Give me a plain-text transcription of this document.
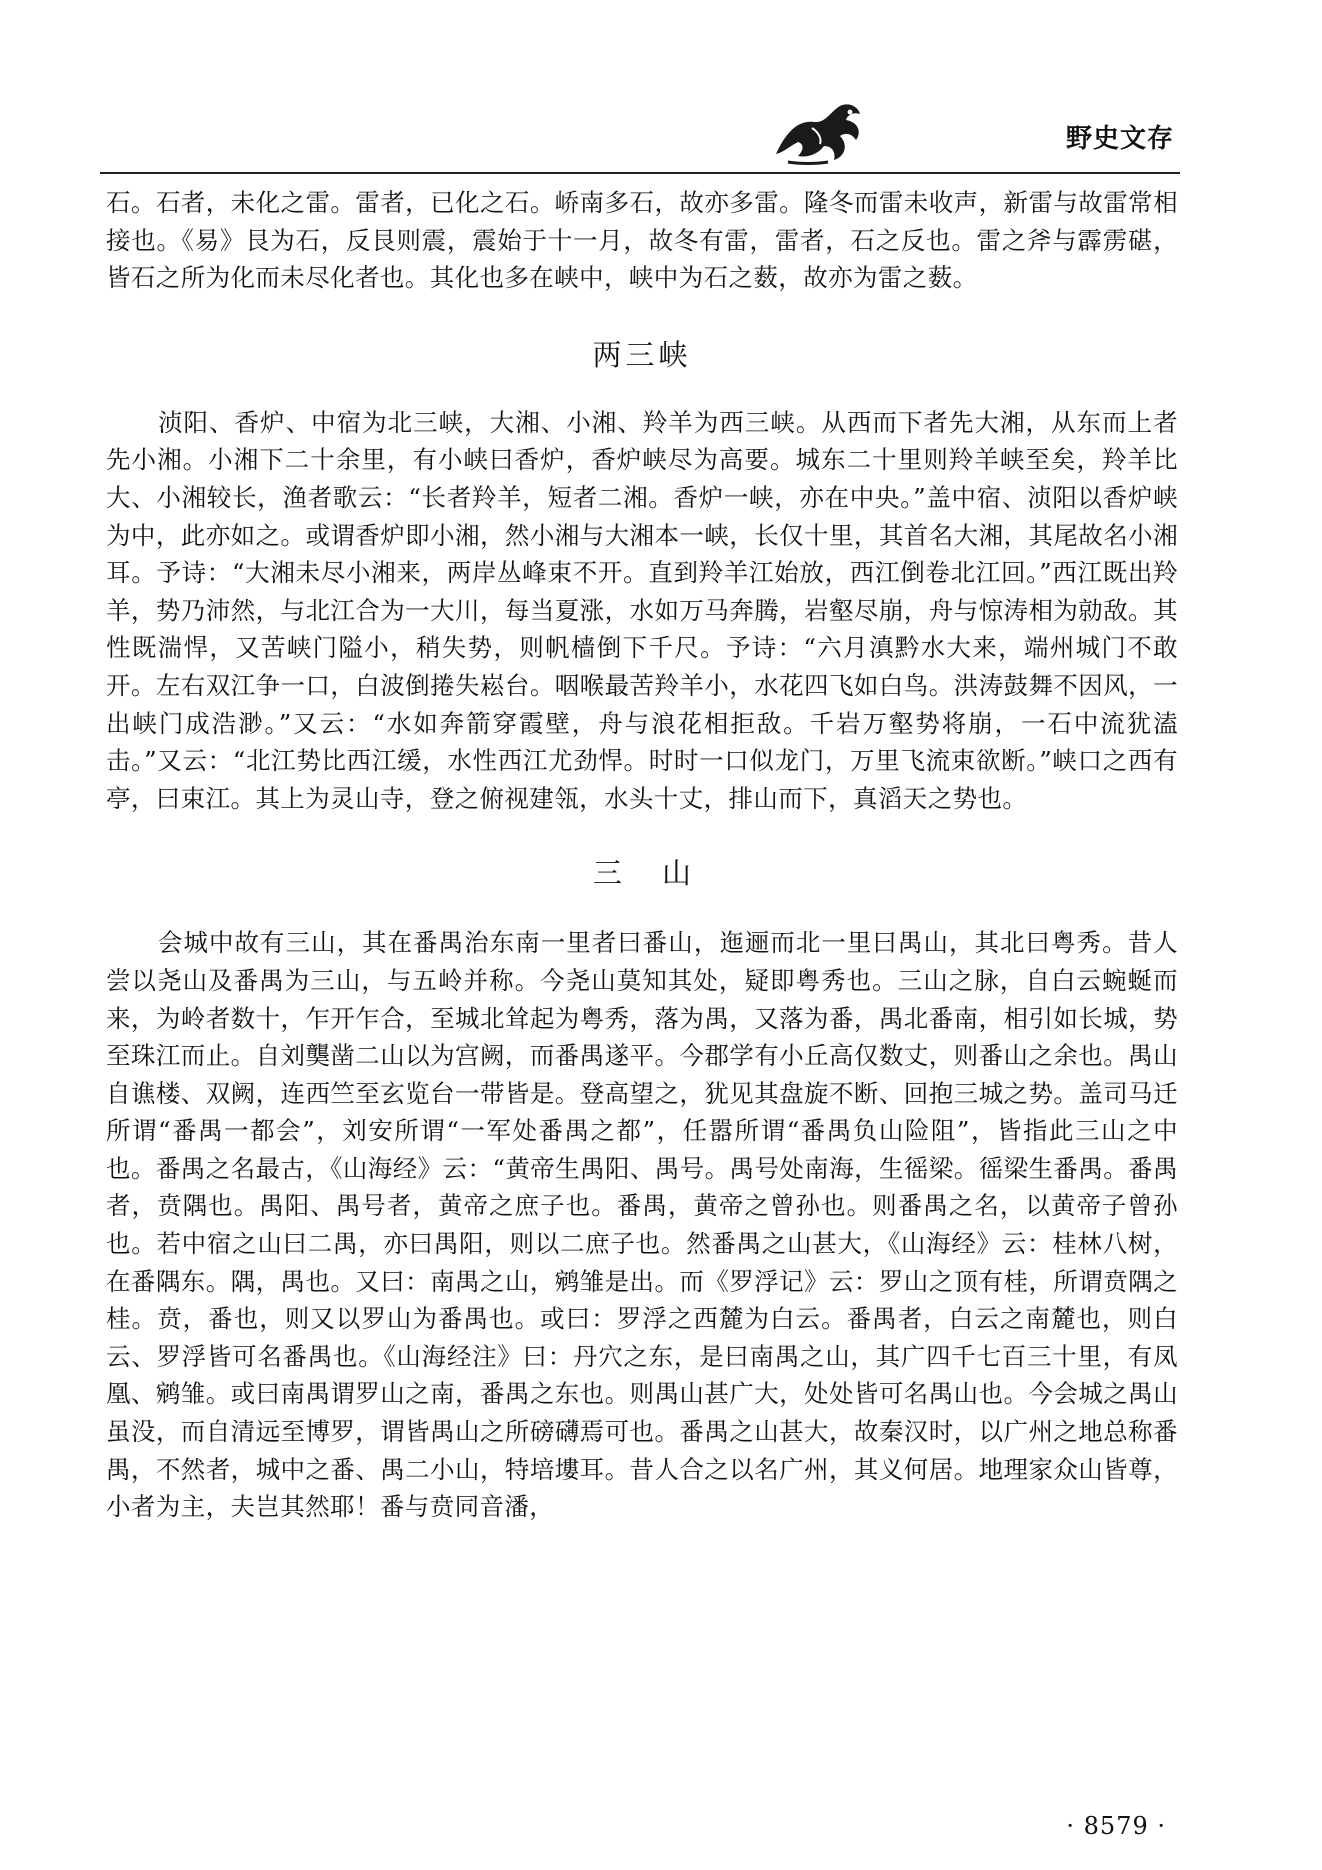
野史文存

石。石者，未化之雷。雷者，已化之石。峤南多石，故亦多雷。隆冬而雷未收声，新雷与故雷常相接也。《易》艮为石，反艮则震，震始于十一月，故冬有雷，雷者，石之反也。雷之斧与霹雳碪，皆石之所为化而未尽化者也。其化也多在峡中，峡中为石之薮，故亦为雷之薮。

两三峡

浈阳、香炉、中宿为北三峡，大湘、小湘、羚羊为西三峡。从西而下者先大湘，从东而上者先小湘。小湘下二十余里，有小峡曰香炉，香炉峡尽为高要。城东二十里则羚羊峡至矣，羚羊比大、小湘较长，渔者歌云：“长者羚羊，短者二湘。香炉一峡，亦在中央。”盖中宿、浈阳以香炉峡为中，此亦如之。或谓香炉即小湘，然小湘与大湘本一峡，长仅十里，其首名大湘，其尾故名小湘耳。予诗：“大湘未尽小湘来，两岸丛峰束不开。直到羚羊江始放，西江倒卷北江回。”西江既出羚羊，势乃沛然，与北江合为一大川，每当夏涨，水如万马奔腾，岩壑尽崩，舟与惊涛相为勍敌。其性既湍悍，又苦峡门隘小，稍失势，则帆樯倒下千尺。予诗：“六月滇黔水大来，端州城门不敢开。左右双江争一口，白波倒捲失崧台。咽喉最苦羚羊小，水花四飞如白鸟。洪涛鼓舞不因风，一出峡门成浩渺。”又云：“水如奔箭穿霞壁，舟与浪花相拒敌。千岩万壑势将崩，一石中流犹溘击。”又云：“北江势比西江缓，水性西江尤劲悍。时时一口似龙门，万里飞流束欲断。”峡口之西有亭，曰束江。其上为灵山寺，登之俯视建瓴，水头十丈，排山而下，真滔天之势也。

三山

会城中故有三山，其在番禺治东南一里者曰番山，迤逦而北一里曰禺山，其北曰粤秀。昔人尝以尧山及番禺为三山，与五岭并称。今尧山莫知其处，疑即粤秀也。三山之脉，自白云蜿蜒而来，为岭者数十，乍开乍合，至城北耸起为粤秀，落为禺，又落为番，禺北番南，相引如长城，势至珠江而止。自刘龑凿二山以为宫阙，而番禺遂平。今郡学有小丘高仅数丈，则番山之余也。禺山自谯楼、双阙，连西竺至玄览台一带皆是。登高望之，犹见其盘旋不断、回抱三城之势。盖司马迁所谓“番禺一都会”，刘安所谓“一军处番禺之都”，任嚣所谓“番禺负山险阻”，皆指此三山之中也。番禺之名最古，《山海经》云：“黄帝生禺阳、禺号。禺号处南海，生徭梁。徭梁生番禺。番禺者，贲隅也。禺阳、禺号者，黄帝之庶子也。番禺，黄帝之曾孙也。则番禺之名，以黄帝子曾孙也。若中宿之山曰二禺，亦曰禺阳，则以二庶子也。然番禺之山甚大，《山海经》云：桂林八树，在番隅东。隅，禺也。又曰：南禺之山，鹓雏是出。而《罗浮记》云：罗山之顶有桂，所谓贲隅之桂。贲，番也，则又以罗山为番禺也。或曰：罗浮之西麓为白云。番禺者，白云之南麓也，则白云、罗浮皆可名番禺也。《山海经注》曰：丹穴之东，是曰南禺之山，其广四千七百三十里，有凤凰、鹓雏。或曰南禺谓罗山之南，番禺之东也。则禺山甚广大，处处皆可名禺山也。今会城之禺山虽没，而自清远至博罗，谓皆禺山之所磅礴焉可也。番禺之山甚大，故秦汉时，以广州之地总称番禺，不然者，城中之番、禺二小山，特培塿耳。昔人合之以名广州，其义何居。地理家众山皆尊，小者为主，夫岂其然耶！番与贲同音潘，

· 8579 ·
